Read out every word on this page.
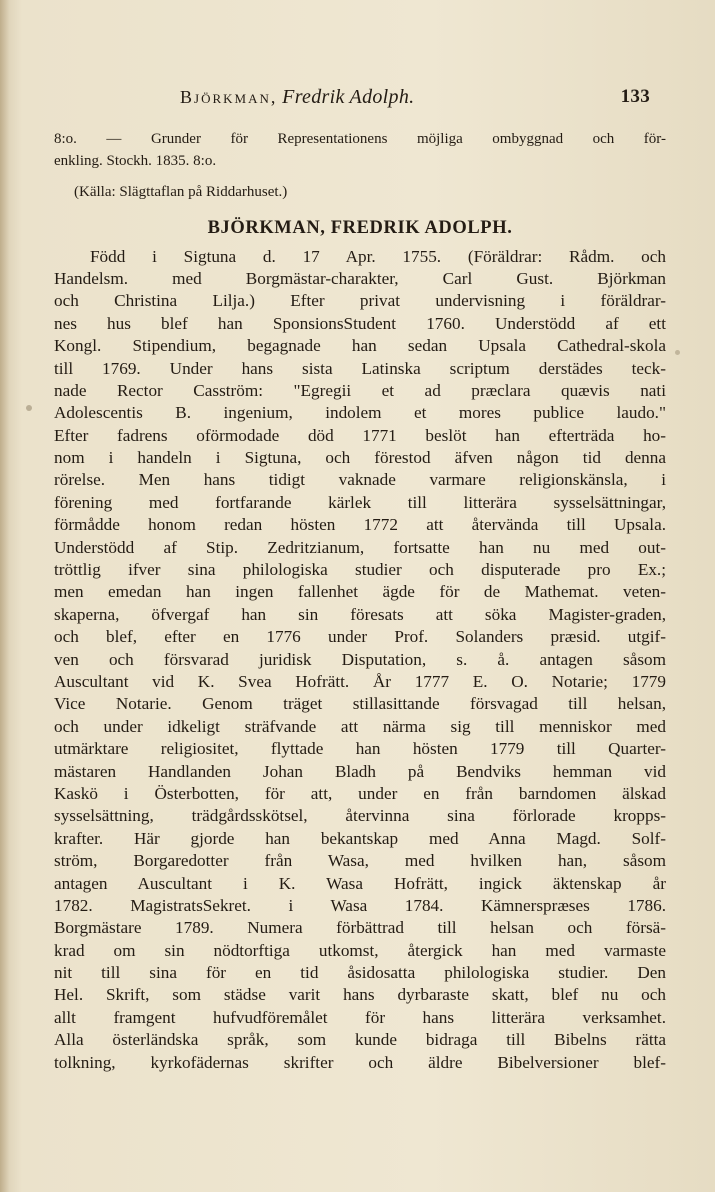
Björkman, Fredrik Adolph.	133
8:o. — Grunder för Representationens möjliga ombyggnad och för-
enkling. Stockh. 1835. 8:o.
(Källa: Slägttaflan på Riddarhuset.)
BJÖRKMAN, FREDRIK ADOLPH.
Född i Sigtuna d. 17 Apr. 1755. (Föräldrar: Rådm. och
Handelsm. med Borgmästar-charakter, Carl Gust. Björkman
och Christina Lilja.) Efter privat undervisning i föräldrar-
nes hus blef han SponsionsStudent 1760. Understödd af ett
Kongl. Stipendium, begagnade han sedan Upsala Cathedral-skola
till 1769. Under hans sista Latinska scriptum derstädes teck-
nade Rector Casström: "Egregii et ad præclara quævis nati
Adolescentis B. ingenium, indolem et mores publice laudo."
Efter fadrens oförmodade död 1771 beslöt han efterträda ho-
nom i handeln i Sigtuna, och förestod äfven någon tid denna
rörelse. Men hans tidigt vaknade varmare religionskänsla, i
förening med fortfarande kärlek till litterära sysselsättningar,
förmådde honom redan hösten 1772 att återvända till Upsala.
Understödd af Stip. Zedritzianum, fortsatte han nu med out-
tröttlig ifver sina philologiska studier och disputerade pro Ex.;
men emedan han ingen fallenhet ägde för de Mathemat. veten-
skaperna, öfvergaf han sin föresats att söka Magister-graden,
och blef, efter en 1776 under Prof. Solanders præsid. utgif-
ven och försvarad juridisk Disputation, s. å. antagen såsom
Auscultant vid K. Svea Hofrätt. År 1777 E. O. Notarie; 1779
Vice Notarie. Genom träget stillasittande försvagad till helsan,
och under idkeligt sträfvande att närma sig till menniskor med
utmärktare religiositet, flyttade han hösten 1779 till Quarter-
mästaren Handlanden Johan Bladh på Bendviks hemman vid
Kaskö i Österbotten, för att, under en från barndomen älskad
sysselsättning, trädgårdsskötsel, återvinna sina förlorade kropps-
krafter. Här gjorde han bekantskap med Anna Magd. Solf-
ström, Borgaredotter från Wasa, med hvilken han, såsom
antagen Auscultant i K. Wasa Hofrätt, ingick äktenskap år
1782. MagistratsSekret. i Wasa 1784. Kämnerspræses 1786.
Borgmästare 1789. Numera förbättrad till helsan och försä-
krad om sin nödtorftiga utkomst, återgick han med varmaste
nit till sina för en tid åsidosatta philologiska studier. Den
Hel. Skrift, som städse varit hans dyrbaraste skatt, blef nu och
allt framgent hufvudföremålet för hans litterära verksamhet.
Alla österländska språk, som kunde bidraga till Bibelns rätta
tolkning, kyrkofädernas skrifter och äldre Bibelversioner blef-
